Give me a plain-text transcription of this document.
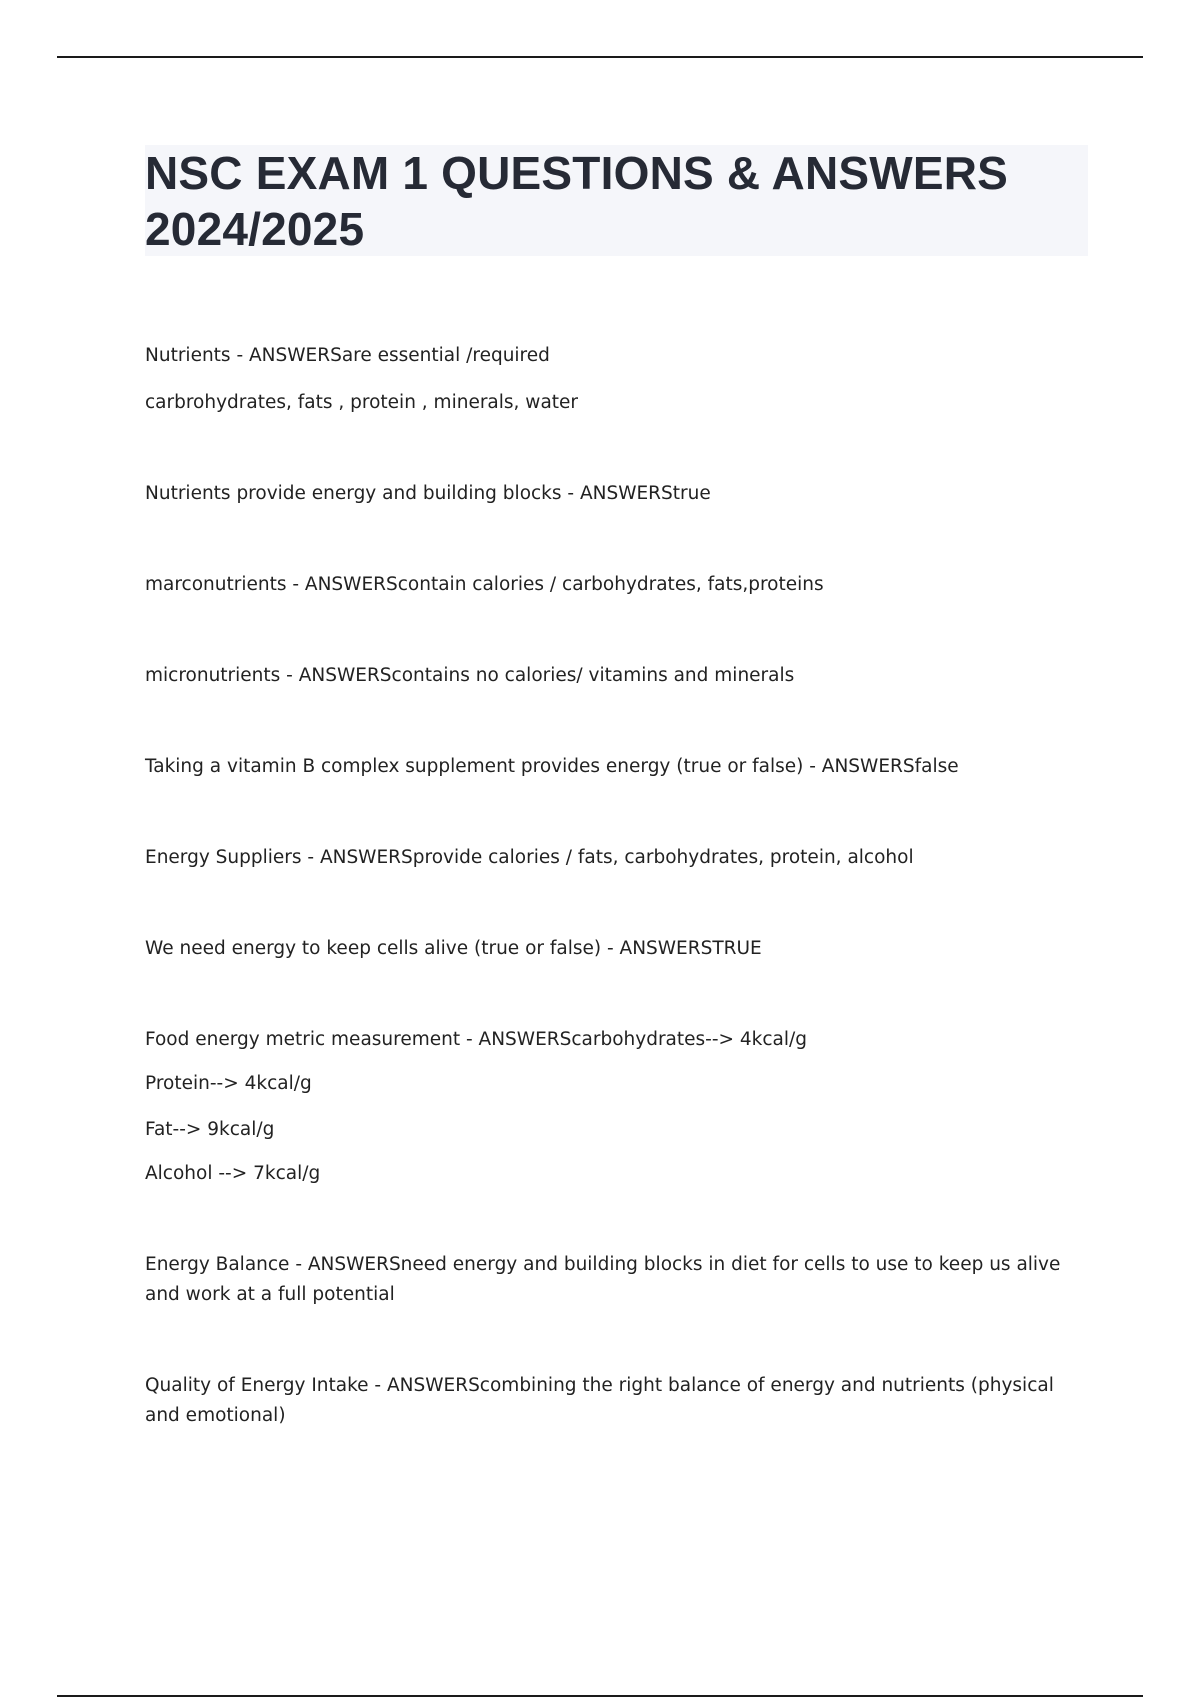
NSC EXAM 1 QUESTIONS & ANSWERS
2024/2025
Nutrients - ANSWERSare essential /required
carbrohydrates, fats , protein , minerals, water
Nutrients provide energy and building blocks - ANSWERStrue
marconutrients - ANSWERScontain calories / carbohydrates, fats,proteins
micronutrients - ANSWERScontains no calories/ vitamins and minerals
Taking a vitamin B complex supplement provides energy (true or false) - ANSWERSfalse
Energy Suppliers - ANSWERSprovide calories / fats, carbohydrates, protein, alcohol
We need energy to keep cells alive (true or false) - ANSWERSTRUE
Food energy metric measurement - ANSWERScarbohydrates--> 4kcal/g
Protein--> 4kcal/g
Fat--> 9kcal/g
Alcohol --> 7kcal/g
Energy Balance - ANSWERSneed energy and building blocks in diet for cells to use to keep us alive and work at a full potential
Quality of Energy Intake - ANSWERScombining the right balance of energy and nutrients (physical and emotional)
